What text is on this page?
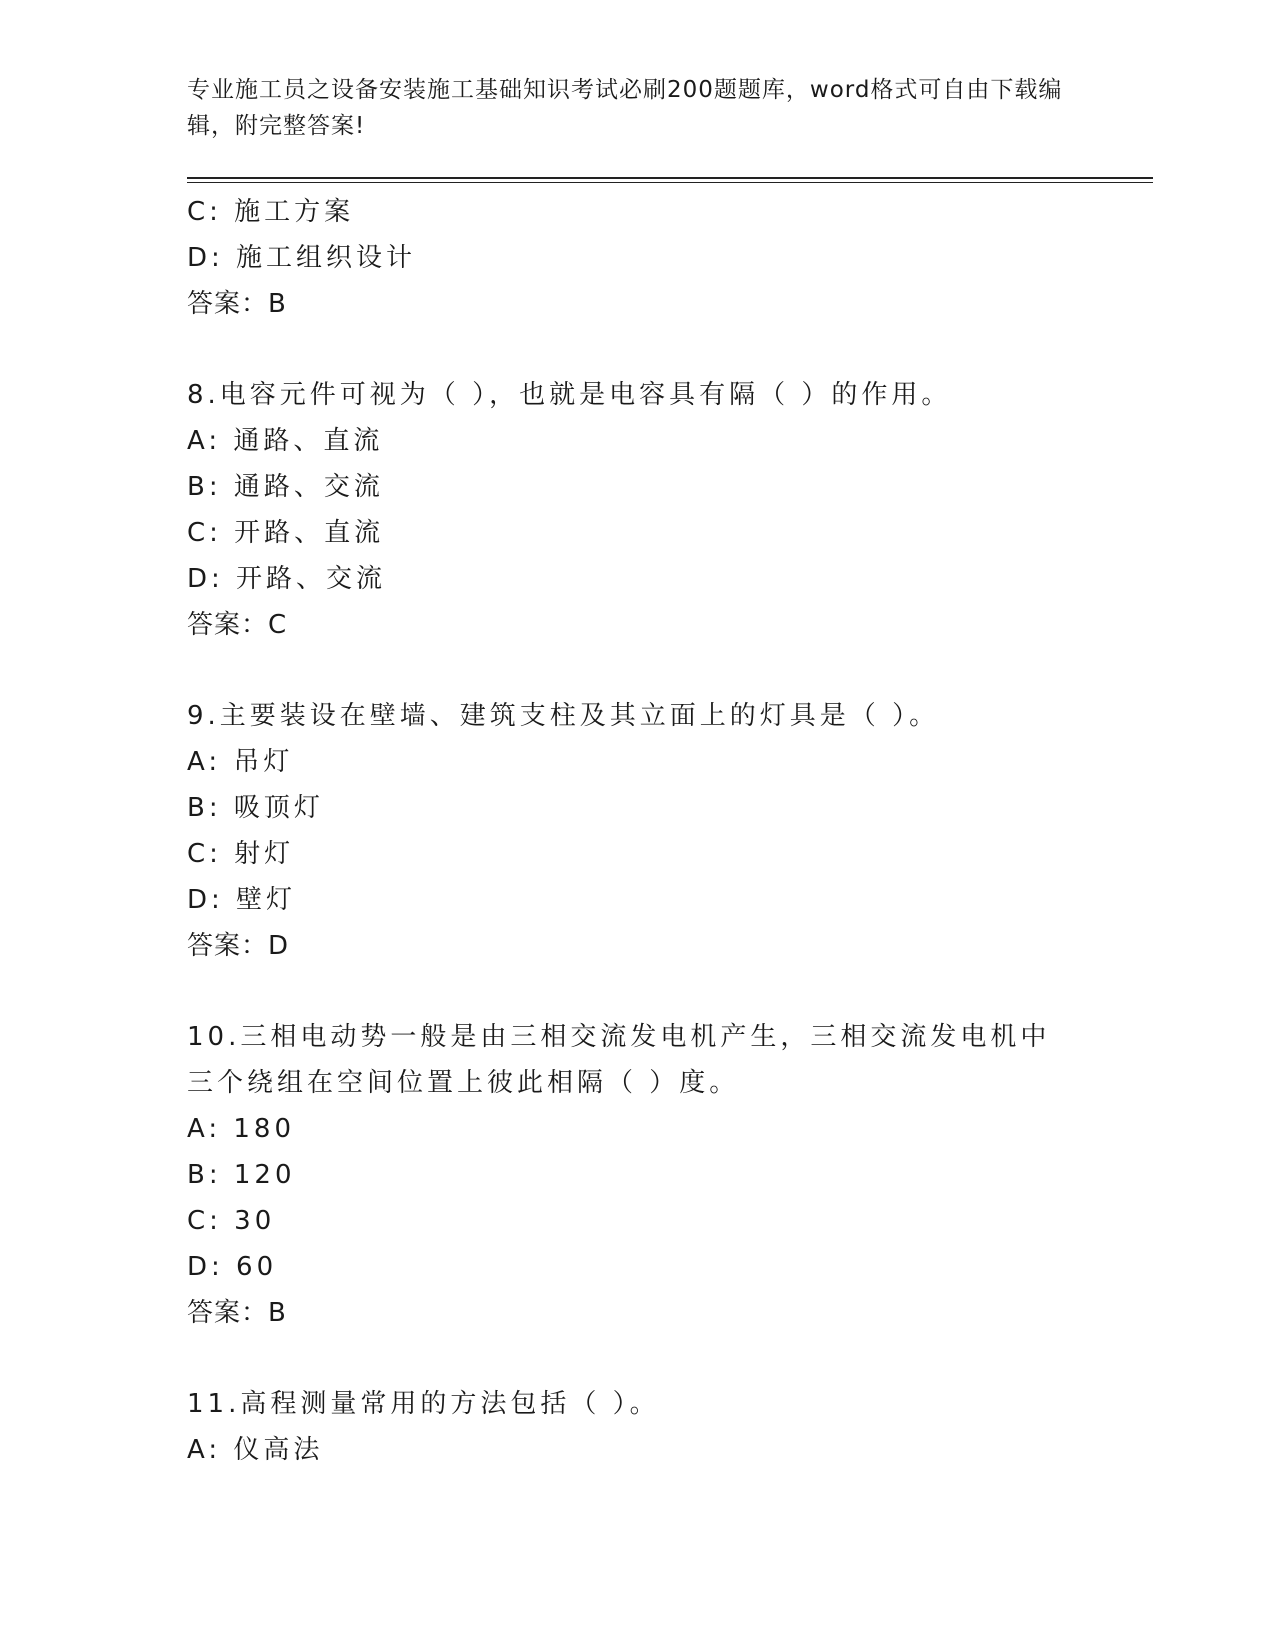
专业施工员之设备安装施工基础知识考试必刷200题题库，word格式可自由下载编辑，附完整答案!
C: 施工方案
D: 施工组织设计
答案：B
8.电容元件可视为（ ），也就是电容具有隔（ ）的作用。
A: 通路、直流
B: 通路、交流
C: 开路、直流
D: 开路、交流
答案：C
9.主要装设在壁墙、建筑支柱及其立面上的灯具是（ ）。
A: 吊灯
B: 吸顶灯
C: 射灯
D: 壁灯
答案：D
10.三相电动势一般是由三相交流发电机产生，三相交流发电机中三个绕组在空间位置上彼此相隔（ ）度。
A: 180
B: 120
C: 30
D: 60
答案：B
11.高程测量常用的方法包括（ ）。
A: 仪高法
